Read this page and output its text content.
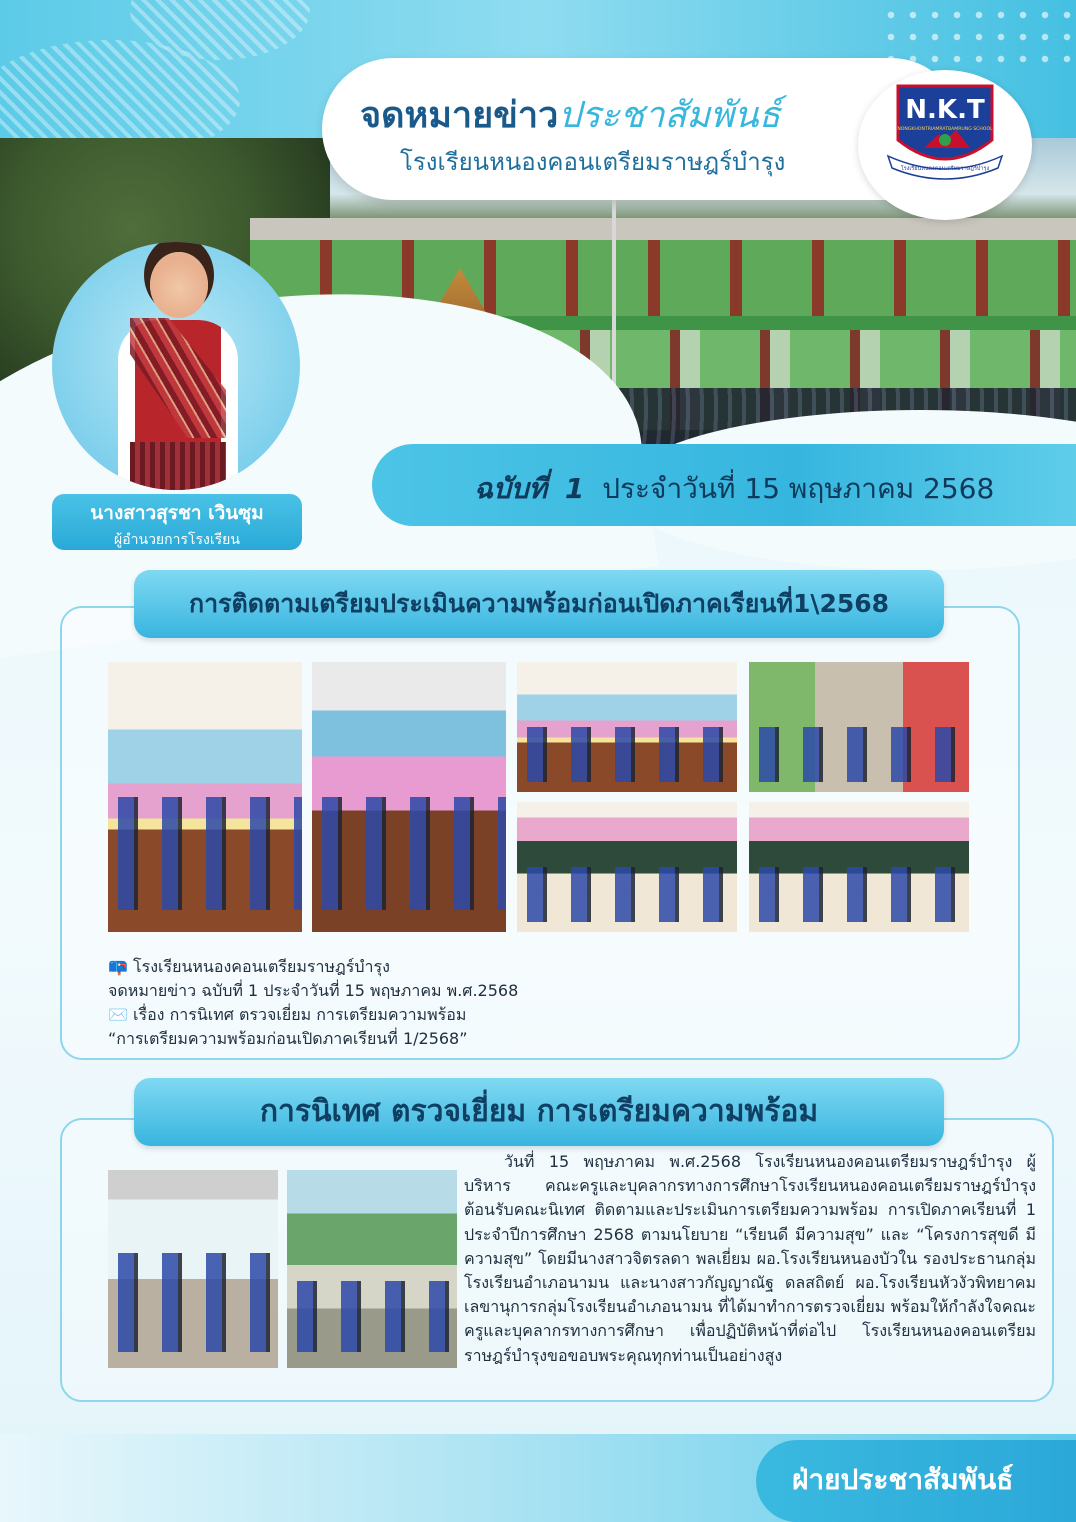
จดหมายข่าวประชาสัมพันธ์
โรงเรียนหนองคอนเตรียมราษฎร์บำรุง
N.K.T
NONGKHONTRIAMRATBAMRUNG SCHOOL
โรงเรียนหนองคอนเตรียมราษฎร์บำรุง
นางสาวสุรชา เวินซุม
ผู้อำนวยการโรงเรียน
ฉบับที่ 1 ประจำวันที่ 15 พฤษภาคม 2568
การติดตามเตรียมประเมินความพร้อมก่อนเปิดภาคเรียนที่1\2568
📪 โรงเรียนหนองคอนเตรียมราษฎร์บำรุง
จดหมายข่าว ฉบับที่ 1 ประจำวันที่ 15 พฤษภาคม พ.ศ.2568
✉️ เรื่อง การนิเทศ ตรวจเยี่ยม การเตรียมความพร้อม
“การเตรียมความพร้อมก่อนเปิดภาคเรียนที่ 1/2568”
การนิเทศ ตรวจเยี่ยม การเตรียมความพร้อม
วันที่ 15 พฤษภาคม พ.ศ.2568 โรงเรียนหนองคอนเตรียมราษฎร์บำรุง ผู้บริหาร คณะครูและบุคลากรทางการศึกษาโรงเรียนหนองคอนเตรียมราษฎร์บำรุง ต้อนรับคณะนิเทศ ติดตามและประเมินการเตรียมความพร้อม การเปิดภาคเรียนที่ 1 ประจำปีการศึกษา 2568 ตามนโยบาย “เรียนดี มีความสุข” และ “โครงการสุขดี มีความสุข” โดยมีนางสาวจิตรลดา พลเยี่ยม ผอ.โรงเรียนหนองบัวใน รองประธานกลุ่มโรงเรียนอำเภอนามน และนางสาวกัญญาณัฐ ดลสถิตย์ ผอ.โรงเรียนหัวงัวพิทยาคม เลขานุการกลุ่มโรงเรียนอำเภอนามน ที่ได้มาทำการตรวจเยี่ยม พร้อมให้กำลังใจคณะครูและบุคลากรทางการศึกษา เพื่อปฏิบัติหน้าที่ต่อไป โรงเรียนหนองคอนเตรียมราษฎร์บำรุงขอขอบพระคุณทุกท่านเป็นอย่างสูง
ฝ่ายประชาสัมพันธ์
